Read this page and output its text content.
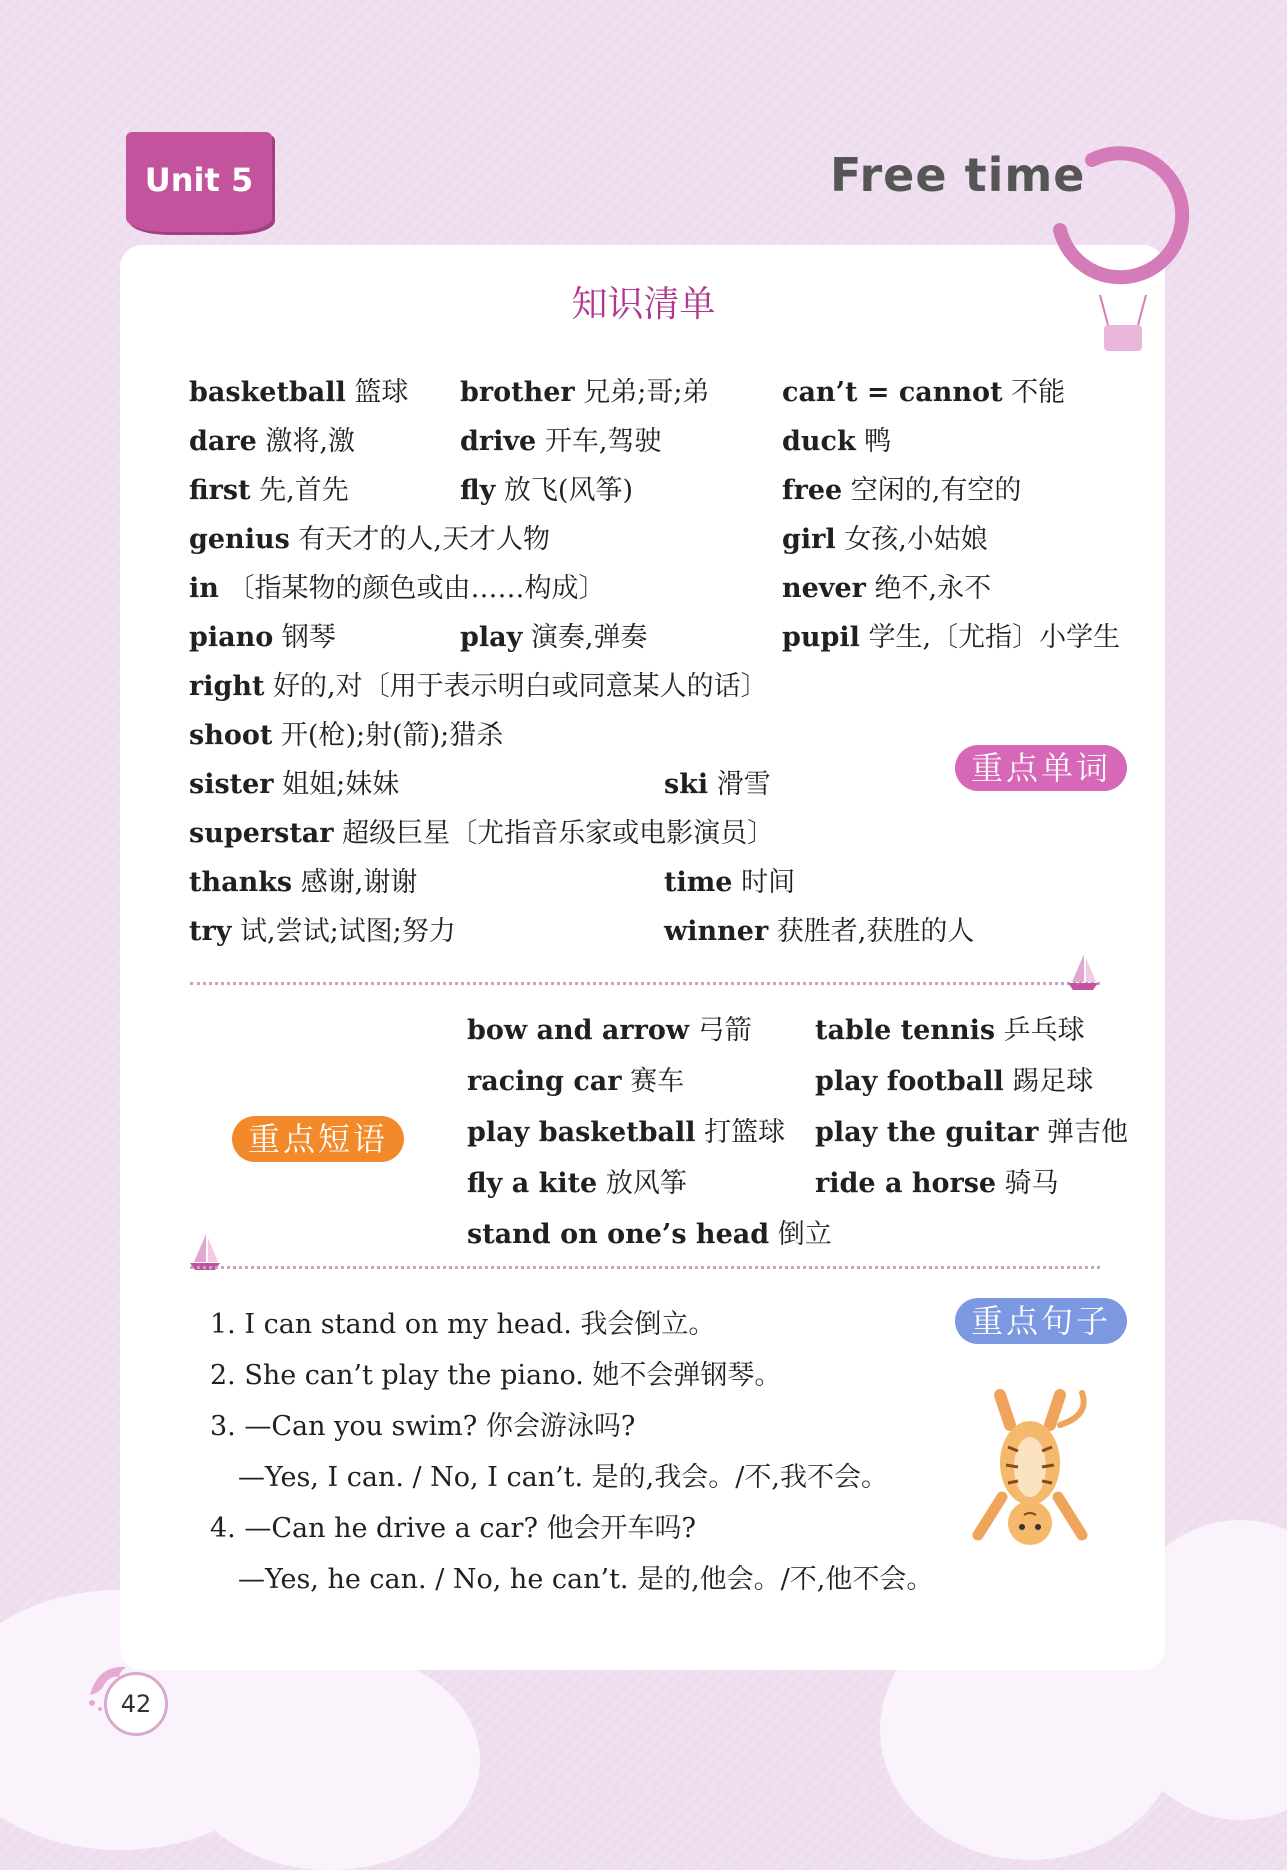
Unit 5	Free time
知识清单
basketball 篮球 brother 兄弟;哥;弟	can’t = cannot 不能
dare 激将,激	drive 开车,驾驶	duck 鸭
first 先,首先	fly 放飞(风筝)	free 空闲的,有空的
genius 有天才的人,天才人物	girl 女孩,小姑娘
in 〔指某物的颜色或由……构成〕	never 绝不,永不
piano 钢琴	play 演奏,弹奏	pupil 学生,〔尤指〕小学生
right 好的,对〔用于表示明白或同意某人的话〕
shoot 开(枪);射(箭);猎杀
sister 姐姐;妹妹	ski 滑雪
superstar 超级巨星〔尤指音乐家或电影演员〕
thanks 感谢,谢谢	time 时间
try 试,尝试;试图;努力	winner 获胜者,获胜的人
重点单词
bow and arrow 弓箭 table tennis 乒乓球
racing car 赛车	play football 踢足球
play basketball 打篮球 play the guitar 弹吉他
fly a kite 放风筝	ride a horse 骑马
stand on one’s head 倒立
重点短语
1. I can stand on my head. 我会倒立。
2. She can’t play the piano. 她不会弹钢琴。
3. —Can you swim? 你会游泳吗?
—Yes, I can. / No, I can’t. 是的,我会。/不,我不会。
4. —Can he drive a car? 他会开车吗?
—Yes, he can. / No, he can’t. 是的,他会。/不,他不会。
重点句子
42
